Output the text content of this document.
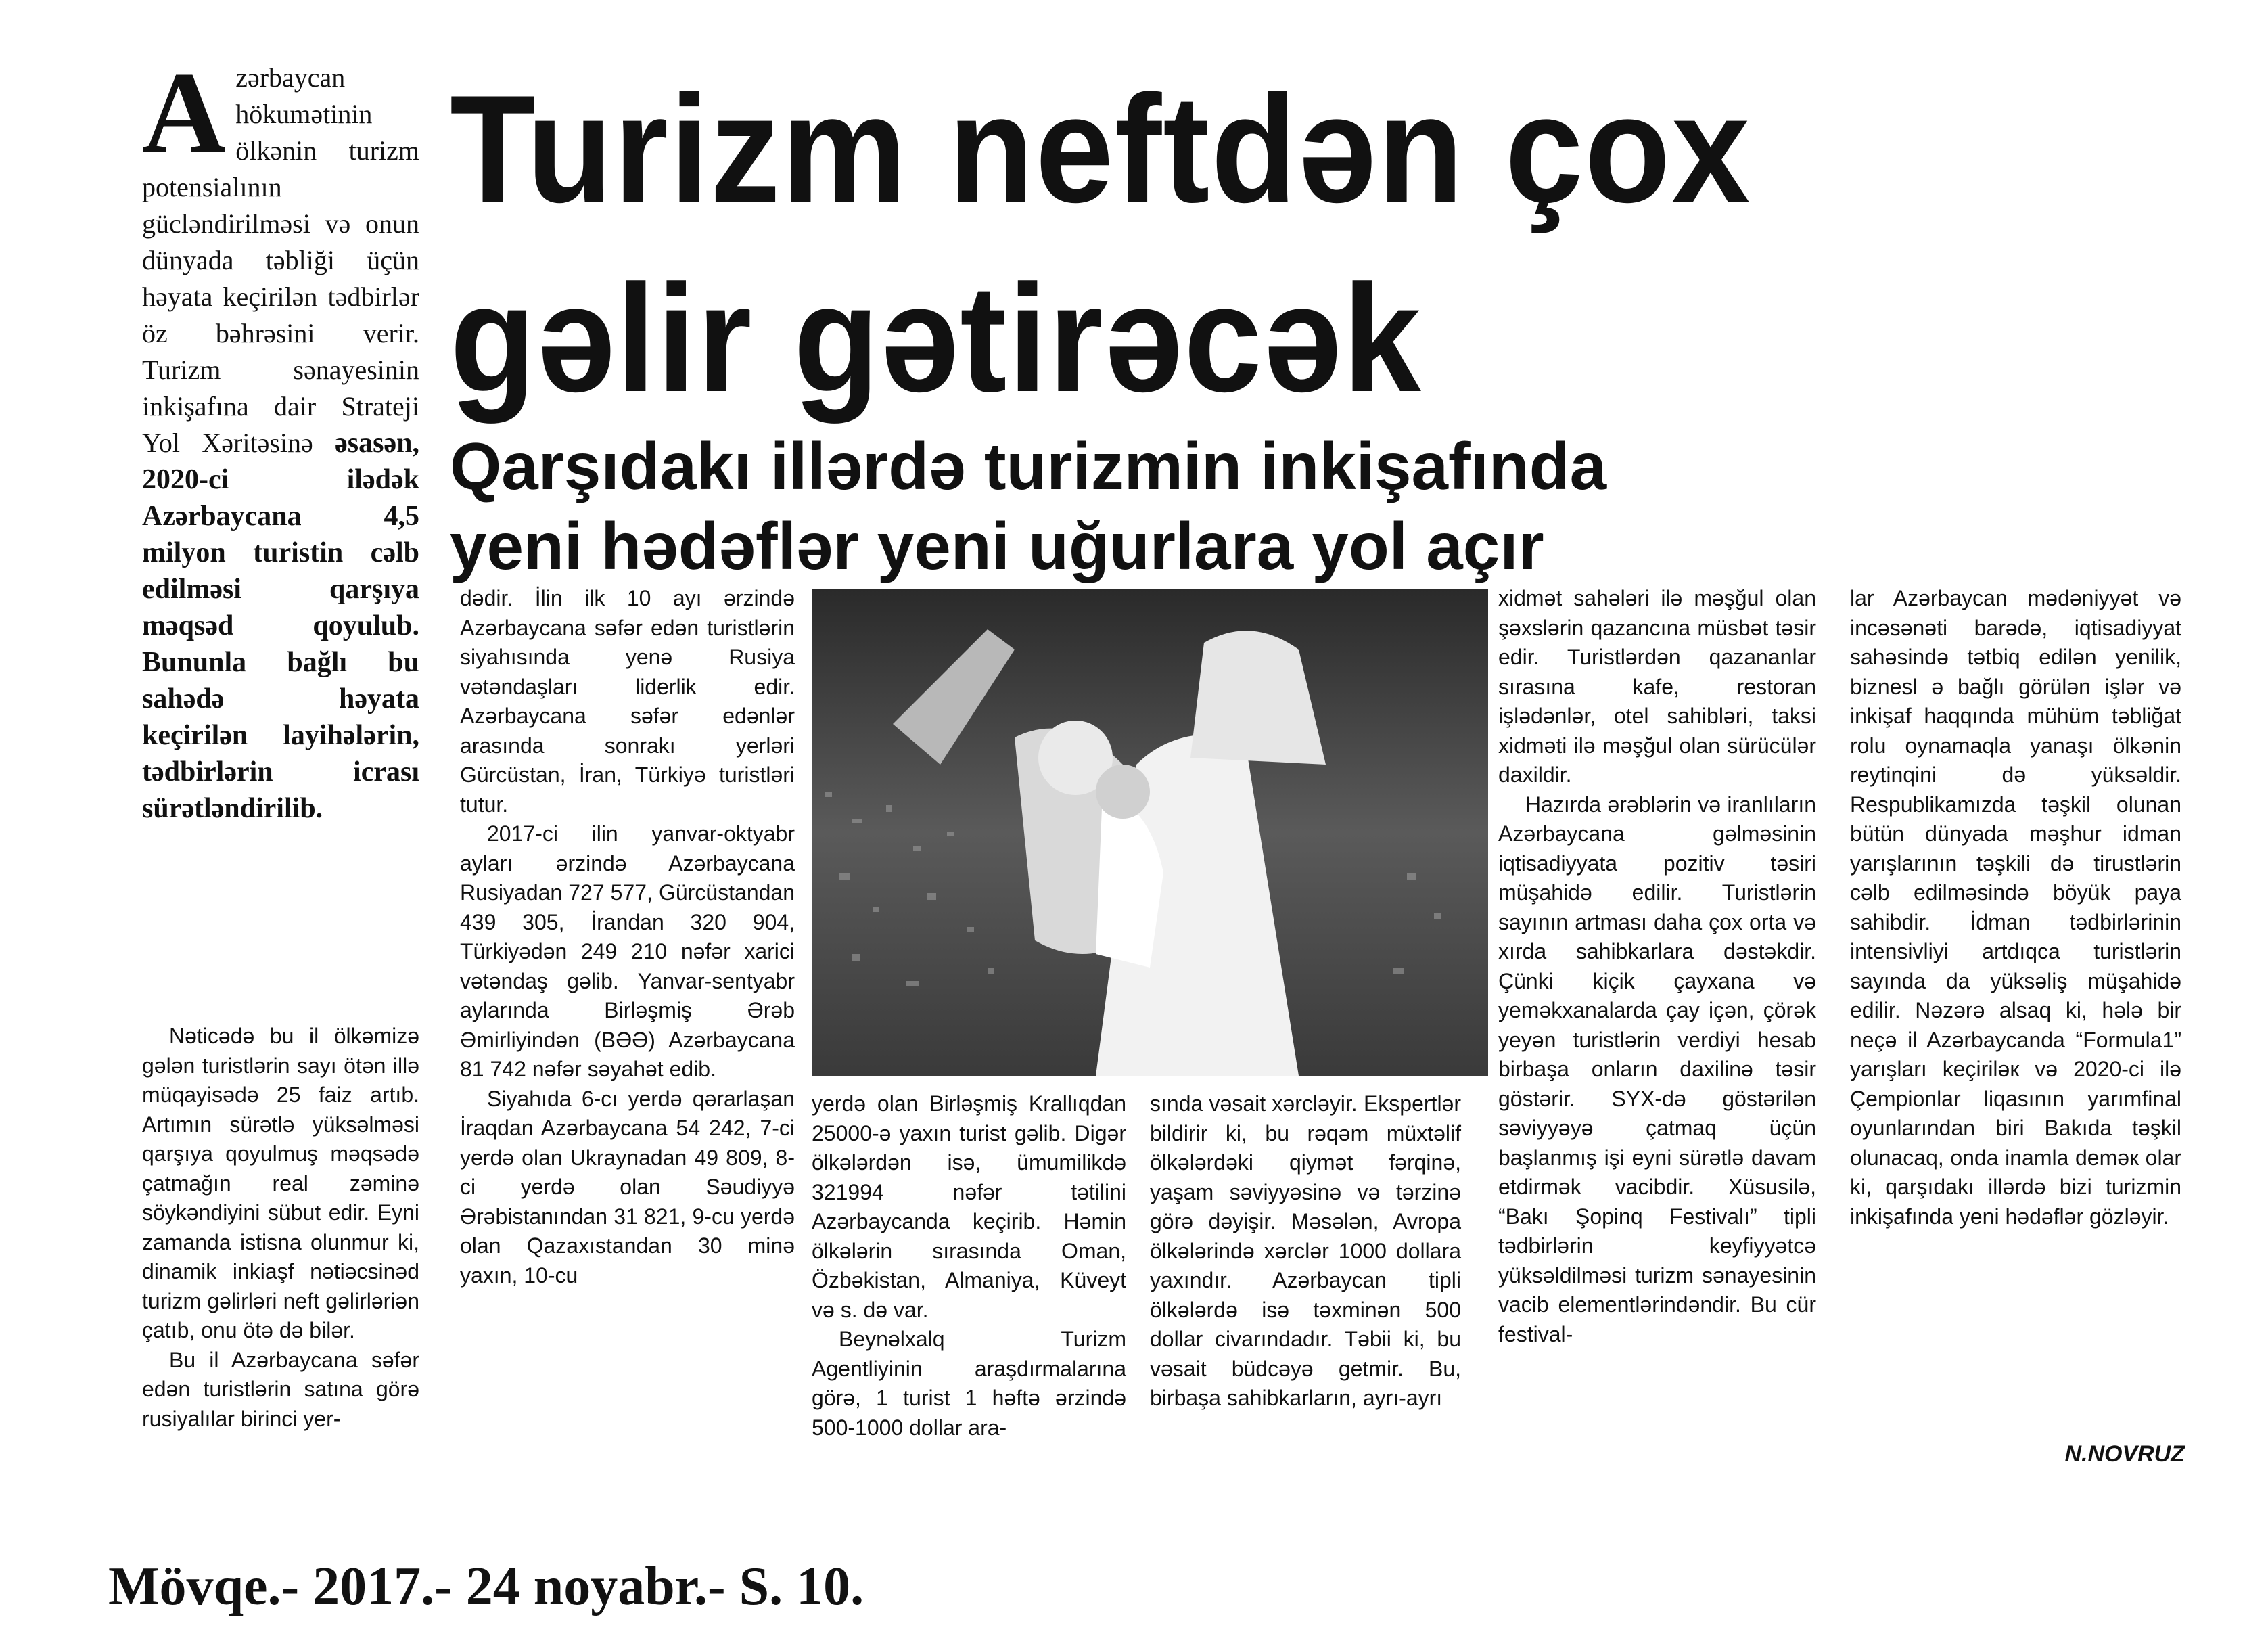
Turizm neftdən çox
gəlir gətirəcək
Qarşıdakı illərdə turizmin inkişafında
yeni hədəflər yeni uğurlara yol açır
Azərbaycan hökumətinin ölkənin turizm potensialının gücləndirilməsi və onun dünyada təbliği üçün həyata keçirilən tədbirlər öz bəhrəsini verir. Turizm sənayesinin inkişafına dair Strateji Yol Xəritəsinə əsasən, 2020-ci ilədək Azərbaycana 4,5 milyon turistin cəlb edilməsi qarşıya məqsəd qoyulub. Bununla bağlı bu sahədə həyata keçirilən layihələrin, tədbirlərin icrası sürətləndirilib.

Nəticədə bu il ölkəmizə gələn turistlərin sayı ötən illə müqayisədə 25 faiz artıb. Artımın sürətlə yüksəlməsi qarşıya qoyulmuş məqsədə çatmağın real zəminə söykəndiyini sübut edir. Eyni zamanda istisna olunmur ki, dinamik inkiaşf nətiəcsinəd turizm gəlirləri neft gəlirləriən çatıb, onu ötə də bilər.

Bu il Azərbaycana səfər edən turistlərin satına görə rusiyalılar birinci yer-

dədir. İlin ilk 10 ayı ərzində Azərbaycana səfər edən turistlərin siyahısında yenə Rusiya vətəndaşları liderlik edir. Azərbaycana səfər edənlər arasında sonrakı yerləri Gürcüstan, İran, Türkiyə turistləri tutur.

2017-ci ilin yanvar-oktyabr ayları ərzində Azərbaycana Rusiyadan 727 577, Gürcüstandan 439 305, İrandan 320 904, Türkiyədən 249 210 nəfər xarici vətəndaş gəlib. Yanvar-sentyabr aylarında Birləşmiş Ərəb Əmirliyindən (BƏƏ) Azərbaycana 81 742 nəfər səyahət edib.

Siyahıda 6-cı yerdə qərarlaşan İraqdan Azərbaycana 54 242, 7-ci yerdə olan Ukraynadan 49 809, 8-ci yerdə olan Səudiyyə Ərəbistanından 31 821, 9-cu yerdə olan Qazaxıstandan 30 minə yaxın, 10-cu

yerdə olan Birləşmiş Krallıqdan 25000-ə yaxın turist gəlib. Digər ölkələrdən isə, ümumilikdə 321994 nəfər tətilini Azərbaycanda keçirib. Həmin ölkələrin sırasında Oman, Özbəkistan, Almaniya, Küveyt və s. də var.

Beynəlxalq Turizm Agentliyinin araşdırmalarına görə, 1 turist 1 həftə ərzində 500-1000 dollar ara-

sında vəsait xərcləyir. Ekspertlər bildirir ki, bu rəqəm müxtəlif ölkələrdəki qiymət fərqinə, yaşam səviyyəsinə və tərzinə görə dəyişir. Məsələn, Avropa ölkələrində xərclər 1000 dollara yaxındır. Azərbaycan tipli ölkələrdə isə təxminən 500 dollar civarındadır. Təbii ki, bu vəsait büdcəyə getmir. Bu, birbaşa sahibkarların, ayrı-ayrı

xidmət sahələri ilə məşğul olan şəxslərin qazancına müsbət təsir edir. Turistlərdən qazananlar sırasına kafe, restoran işlədənlər, otel sahibləri, taksi xidməti ilə məşğul olan sürücülər daxildir.

Hazırda ərəblərin və iranlıların Azərbaycana gəlməsinin iqtisadiyyata pozitiv təsiri müşahidə edilir. Turistlərin sayının artması daha çox orta və xırda sahibkarlara dəstəkdir. Çünki kiçik çayxana və yeməkxanalarda çay içən, çörək yeyən turistlərin verdiyi hesab birbaşa onların daxilinə təsir göstərir. SYX-də göstərilən səviyyəyə çatmaq üçün başlanmış işi eyni sürətlə davam etdirmək vacibdir. Xüsusilə, “Bakı Şopinq Festivalı” tipli tədbirlərin keyfiyyətcə yüksəldilməsi turizm sənayesinin vacib elementlərindəndir. Bu cür festival-

lar Azərbaycan mədəniyyət və incəsənəti barədə, iqtisadiyyat sahəsində tətbiq edilən yenilik, biznesl ə bağlı görülən işlər və inkişaf haqqında mühüm təbliğat rolu oynamaqla yanaşı ölkənin reytinqini də yüksəldir. Respublikamızda təşkil olunan bütün dünyada məşhur idman yarışlarının təşkili də tirustlərin cəlb edilməsində böyük paya sahibdir. İdman tədbirlərinin intensivliyi artdıqca turistlərin sayında da yüksəliş müşahidə edilir. Nəzərə alsaq ki, hələ bir neçə il Azərbaycanda “Formula1” yarışları keçiriləк və 2020-ci ilə Çempionlar liqasının yarımfinal oyunlarından biri Bakıda təşkil olunacaq, onda inamla deməк olar ki, qarşıdakı illərdə bizi turizmin inkişafında yeni hədəflər gözləyir.

N.NOVRUZ
Mövqe.- 2017.- 24 noyabr.- S. 10.
